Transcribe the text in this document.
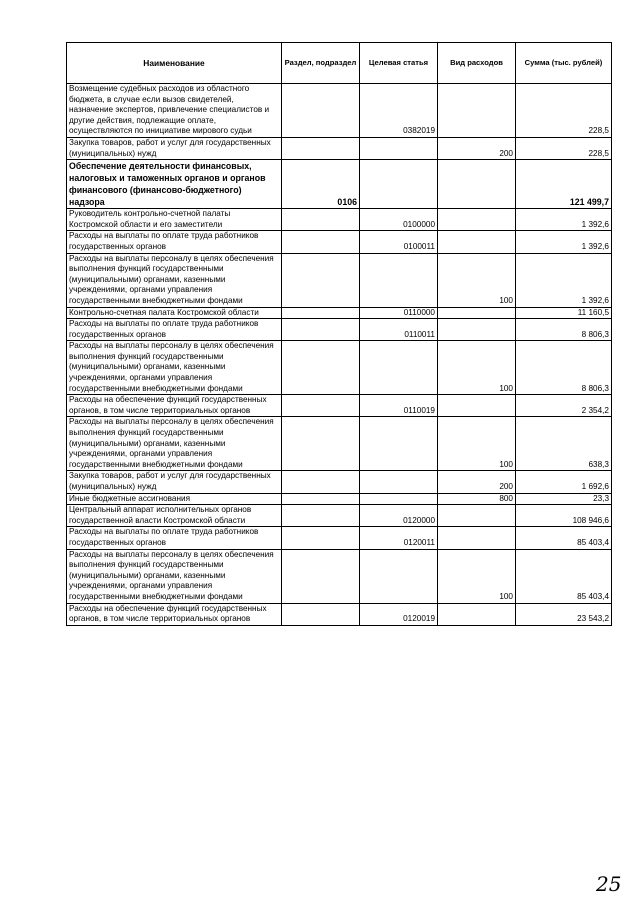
Наименование	Раздел, подраздел	Целевая статья	Вид расходов	Сумма (тыс. рублей)
Возмещение судебных расходов из областного бюджета, в случае если вызов свидетелей, назначение экспертов, привлечение специалистов и другие действия, подлежащие оплате, осуществляются по инициативе мирового судьи		0382019		228,5
Закупка товаров, работ и услуг для государственных (муниципальных) нужд			200	228,5
Обеспечение деятельности финансовых, налоговых и таможенных органов и органов финансового (финансово-бюджетного) надзора	0106			121 499,7
Руководитель контрольно-счетной палаты Костромской области и его заместители		0100000		1 392,6
Расходы на выплаты по оплате труда работников государственных органов		0100011		1 392,6
Расходы на выплаты персоналу в целях обеспечения выполнения функций государственными (муниципальными) органами, казенными учреждениями, органами управления государственными внебюджетными фондами			100	1 392,6
Контрольно-счетная палата Костромской области		0110000		11 160,5
Расходы на выплаты по оплате труда работников государственных органов		0110011		8 806,3
Расходы на выплаты персоналу в целях обеспечения выполнения функций государственными (муниципальными) органами, казенными учреждениями, органами управления государственными внебюджетными фондами			100	8 806,3
Расходы на обеспечение функций государственных органов, в том числе территориальных органов		0110019		2 354,2
Расходы на выплаты персоналу в целях обеспечения выполнения функций государственными (муниципальными) органами, казенными учреждениями, органами управления государственными внебюджетными фондами			100	638,3
Закупка товаров, работ и услуг для государственных (муниципальных) нужд			200	1 692,6
Иные бюджетные ассигнования			800	23,3
Центральный аппарат исполнительных органов государственной власти Костромской области		0120000		108 946,6
Расходы на выплаты по оплате труда работников государственных органов		0120011		85 403,4
Расходы на выплаты персоналу в целях обеспечения выполнения функций государственными (муниципальными) органами, казенными учреждениями, органами управления государственными внебюджетными фондами			100	85 403,4
Расходы на обеспечение функций государственных органов, в том числе территориальных органов		0120019		23 543,2
25
